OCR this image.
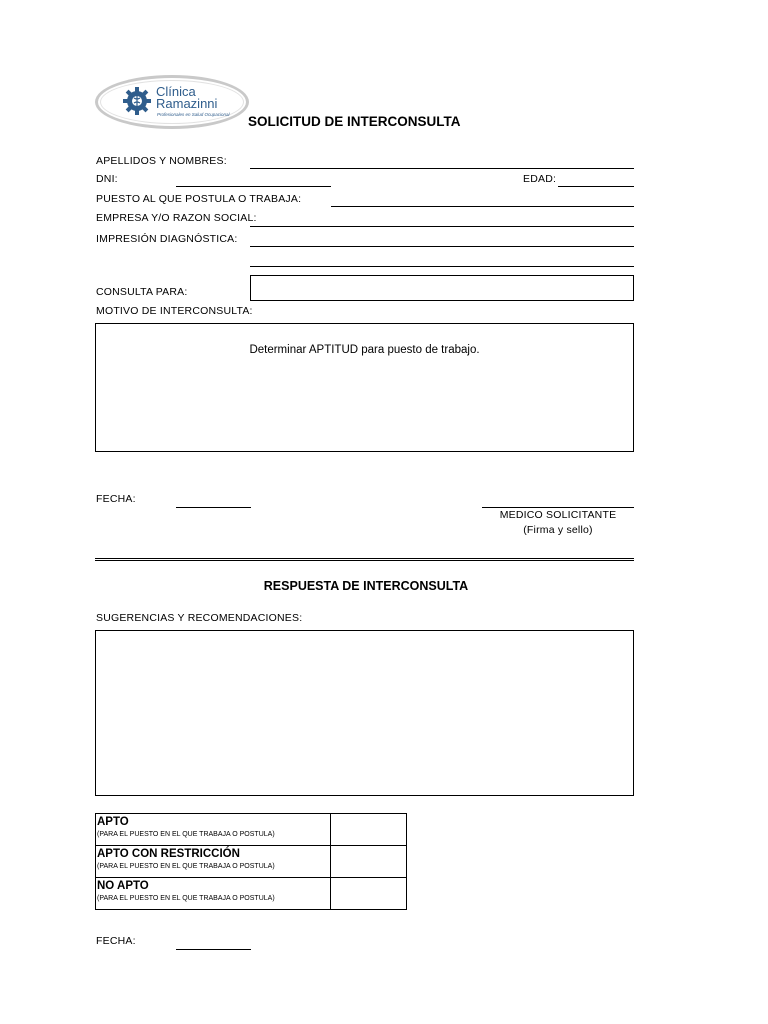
Clínica
Ramazinni
Profesionales en Salud Ocupacional SOLICITUD DE INTERCONSULTA
APELLIDOS Y NOMBRES:
DNI:	EDAD:
PUESTO AL QUE POSTULA O TRABAJA:
EMPRESA Y/O RAZON SOCIAL:
IMPRESIÓN DIAGNÓSTICA:
CONSULTA PARA:
MOTIVO DE INTERCONSULTA:
Determinar APTITUD para puesto de trabajo.
FECHA:
MEDICO SOLICITANTE
(Firma y sello)
RESPUESTA DE INTERCONSULTA
SUGERENCIAS Y RECOMENDACIONES:
APTO
(PARA EL PUESTO EN EL QUE TRABAJA O POSTULA)	

APTO CON RESTRICCIÓN
(PARA EL PUESTO EN EL QUE TRABAJA O POSTULA)	

NO APTO
(PARA EL PUESTO EN EL QUE TRABAJA O POSTULA)	

FECHA:
